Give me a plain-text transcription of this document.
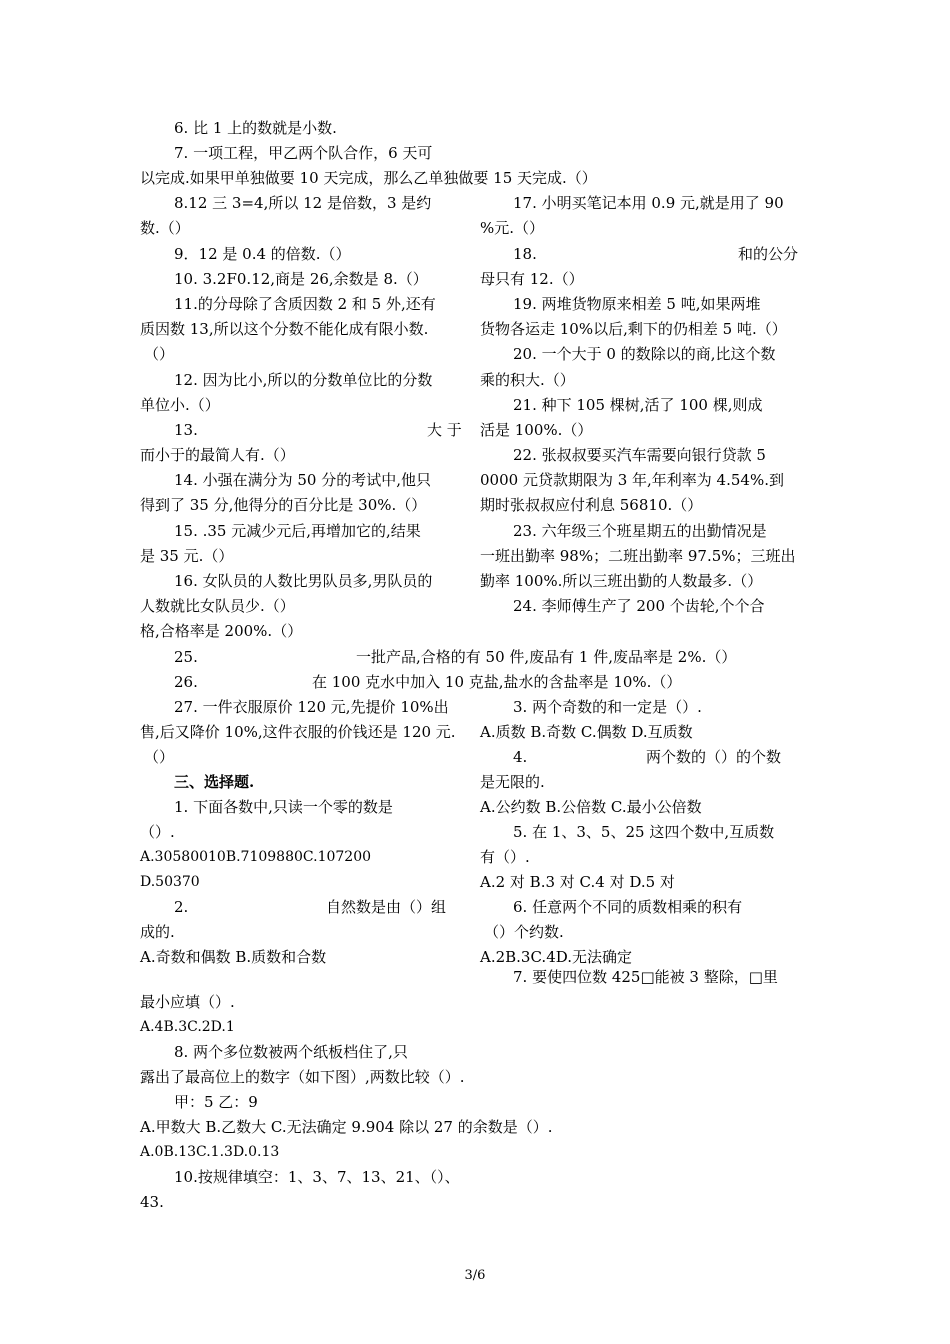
6. 比 1 上的数就是小数.
7. 一项工程，甲乙两个队合作，6 天可
以完成.如果甲单独做要 10 天完成，那么乙单独做要 15 天完成.（）
8.12 三 3=4,所以 12 是倍数，3 是约
数.（）
9．12 是 0.4 的倍数.（）
10. 3.2F0.12,商是 26,余数是 8.（）
11.的分母除了含质因数 2 和 5 外,还有
质因数 13,所以这个分数不能化成有限小数.
（）
12. 因为比小,所以的分数单位比的分数
单位小.（）
13.	大 于
而小于的最简人有.（）
14. 小强在满分为 50 分的考试中,他只
得到了 35 分,他得分的百分比是 30%.（）
15. .35 元减少元后,再增加它的,结果
是 35 元.（）
16. 女队员的人数比男队员多,男队员的
人数就比女队员少.（）
格,合格率是 200%.（）
25.	一批产品,合格的有 50 件,废品有 1 件,废品率是 2%.（）
26.	在 100 克水中加入 10 克盐,盐水的含盐率是 10%.（）
27. 一件衣服原价 120 元,先提价 10%出
售,后又降价 10%,这件衣服的价钱还是 120 元.
（）
三、选择题.
1. 下面各数中,只读一个零的数是
（）.
A.30580010B.7109880C.107200
D.50370
2.	自然数是由（）组
成的.
A.奇数和偶数 B.质数和合数
最小应填（）.
A.4B.3C.2D.1
8. 两个多位数被两个纸板档住了,只
露出了最高位上的数字（如下图）,两数比较（）.
甲：5 乙：9
A.甲数大 B.乙数大 C.无法确定 9.904 除以 27 的余数是（）.
A.0B.13C.1.3D.0.13
10.按规律填空：1、3、7、13、21、（）、
43.
17. 小明买笔记本用 0.9 元,就是用了 90
%元.（）
18.	和的公分
母只有 12.（）
19. 两堆货物原来相差 5 吨,如果两堆
货物各运走 10%以后,剩下的仍相差 5 吨.（）
20. 一个大于 0 的数除以的商,比这个数
乘的积大.（）
21. 种下 105 棵树,活了 100 棵,则成
活是 100%.（）
22. 张叔叔要买汽车需要向银行贷款 5
0000 元贷款期限为 3 年,年利率为 4.54%.到
期时张叔叔应付利息 56810.（）
23. 六年级三个班星期五的出勤情况是
一班出勤率 98%；二班出勤率 97.5%；三班出
勤率 100%.所以三班出勤的人数最多.（）
24. 李师傅生产了 200 个齿轮,个个合
3. 两个奇数的和一定是（）.
A.质数 B.奇数 C.偶数 D.互质数
4.	两个数的（）的个数
是无限的.
A.公约数 B.公倍数 C.最小公倍数
5. 在 1、3、5、25 这四个数中,互质数
有（）.
A.2 对 B.3 对 C.4 对 D.5 对
6. 任意两个不同的质数相乘的积有
（）个约数.
A.2B.3C.4D.无法确定
7. 要使四位数 425□能被 3 整除，□里
3/6
